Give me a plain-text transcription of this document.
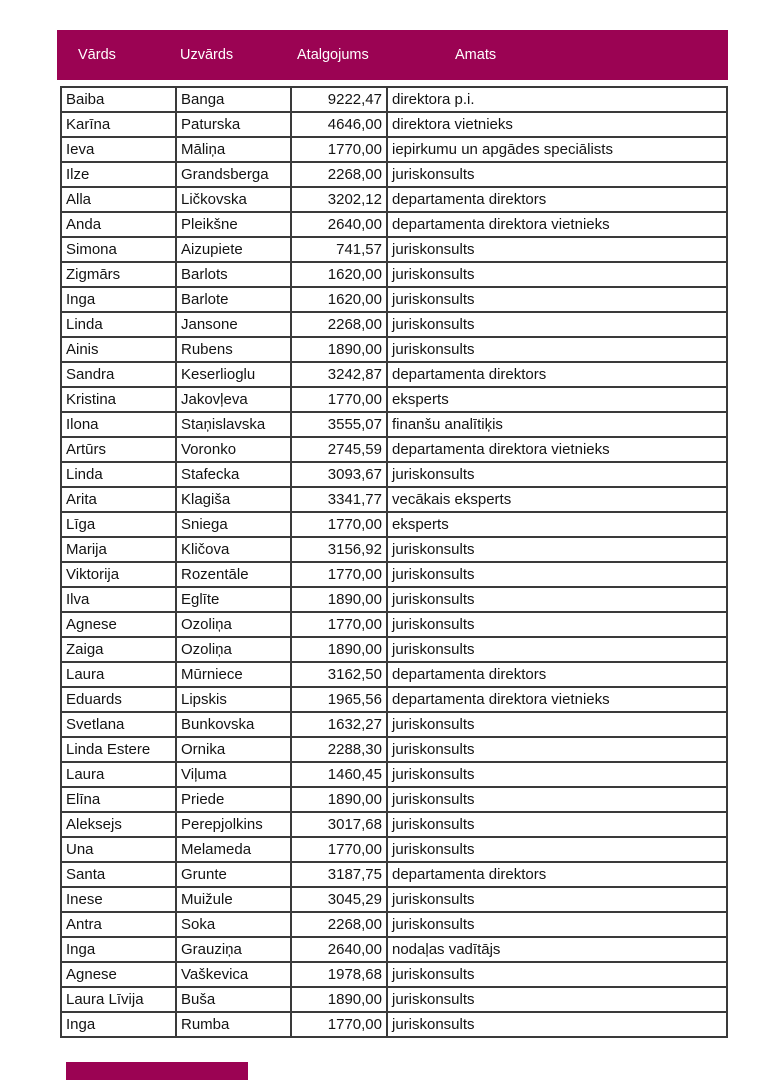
Vārds	Uzvārds	Atalgojums	Amats
Baiba	Banga	9222,47	direktora p.i.
Karīna	Paturska	4646,00	direktora vietnieks
Ieva	Māliņa	1770,00	iepirkumu un apgādes speciālists
Ilze	Grandsberga	2268,00	juriskonsults
Alla	Ličkovska	3202,12	departamenta direktors
Anda	Pleikšne	2640,00	departamenta direktora vietnieks
Simona	Aizupiete	741,57	juriskonsults
Zigmārs	Barlots	1620,00	juriskonsults
Inga	Barlote	1620,00	juriskonsults
Linda	Jansone	2268,00	juriskonsults
Ainis	Rubens	1890,00	juriskonsults
Sandra	Keserlioglu	3242,87	departamenta direktors
Kristina	Jakovļeva	1770,00	eksperts
Ilona	Staņislavska	3555,07	finanšu analītiķis
Artūrs	Voronko	2745,59	departamenta direktora vietnieks
Linda	Stafecka	3093,67	juriskonsults
Arita	Klagiša	3341,77	vecākais eksperts
Līga	Sniega	1770,00	eksperts
Marija	Kličova	3156,92	juriskonsults
Viktorija	Rozentāle	1770,00	juriskonsults
Ilva	Eglīte	1890,00	juriskonsults
Agnese	Ozoliņa	1770,00	juriskonsults
Zaiga	Ozoliņa	1890,00	juriskonsults
Laura	Mūrniece	3162,50	departamenta direktors
Eduards	Lipskis	1965,56	departamenta direktora vietnieks
Svetlana	Bunkovska	1632,27	juriskonsults
Linda Estere	Ornika	2288,30	juriskonsults
Laura	Viļuma	1460,45	juriskonsults
Elīna	Priede	1890,00	juriskonsults
Aleksejs	Perepjolkins	3017,68	juriskonsults
Una	Melameda	1770,00	juriskonsults
Santa	Grunte	3187,75	departamenta direktors
Inese	Muižule	3045,29	juriskonsults
Antra	Soka	2268,00	juriskonsults
Inga	Grauziņa	2640,00	nodaļas vadītājs
Agnese	Vaškevica	1978,68	juriskonsults
Laura Līvija	Buša	1890,00	juriskonsults
Inga	Rumba	1770,00	juriskonsults
